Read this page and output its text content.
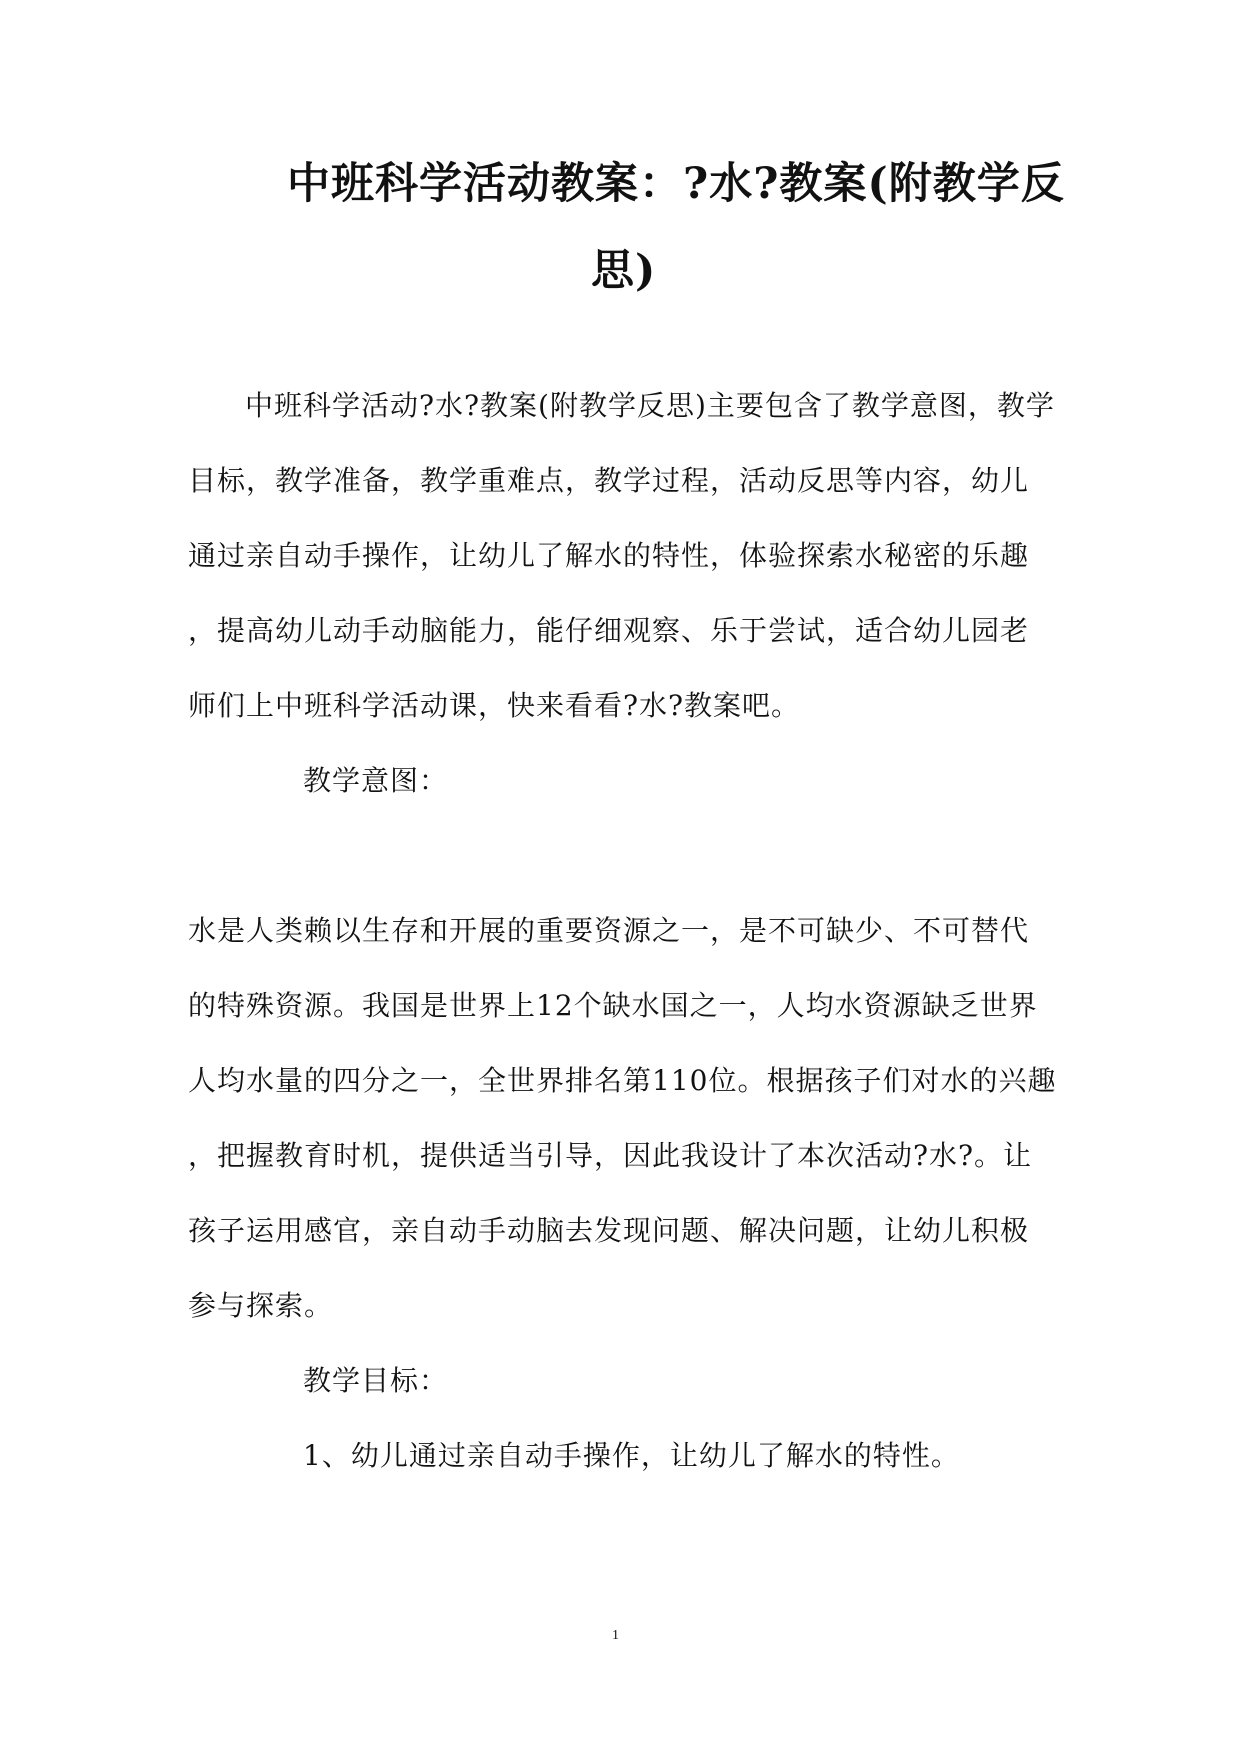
中班科学活动教案：?水?教案(附教学反
思)
中班科学活动?水?教案(附教学反思)主要包含了教学意图，教学
目标，教学准备，教学重难点，教学过程，活动反思等内容，幼儿
通过亲自动手操作，让幼儿了解水的特性，体验探索水秘密的乐趣
，提高幼儿动手动脑能力，能仔细观察、乐于尝试，适合幼儿园老
师们上中班科学活动课，快来看看?水?教案吧。
教学意图：
水是人类赖以生存和开展的重要资源之一，是不可缺少、不可替代
的特殊资源。我国是世界上12个缺水国之一，人均水资源缺乏世界
人均水量的四分之一，全世界排名第110位。根据孩子们对水的兴趣
，把握教育时机，提供适当引导，因此我设计了本次活动?水?。让
孩子运用感官，亲自动手动脑去发现问题、解决问题，让幼儿积极
参与探索。
教学目标：
1、幼儿通过亲自动手操作，让幼儿了解水的特性。
1
